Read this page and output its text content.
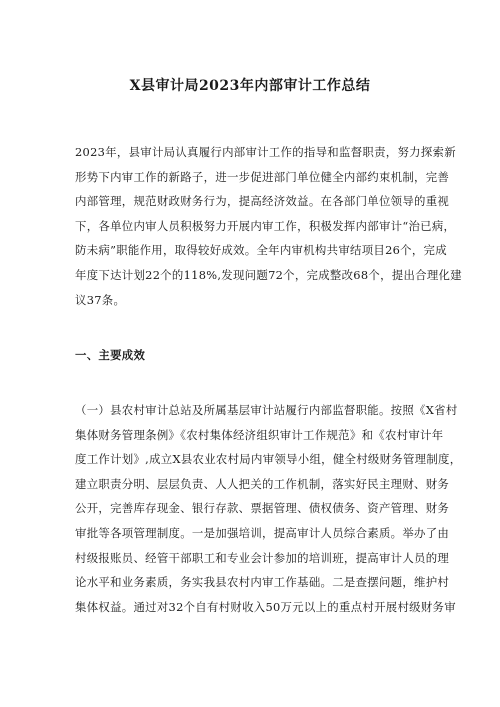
X县审计局2023年内部审计工作总结

2023年，县审计局认真履行内部审计工作的指导和监督职责，努力探索新
形势下内审工作的新路子，进一步促进部门单位健全内部约束机制，完善
内部管理，规范财政财务行为，提高经济效益。在各部门单位领导的重视
下，各单位内审人员积极努力开展内审工作，积极发挥内部审计“治已病，
防未病”职能作用，取得较好成效。全年内审机构共审结项目26个，完成
年度下达计划22个的118%,发现问题72个，完成整改68个，提出合理化建
议37条。

一、主要成效

（一）县农村审计总站及所属基层审计站履行内部监督职能。按照《X省村
集体财务管理条例》《农村集体经济组织审计工作规范》和《农村审计年
度工作计划》,成立X县农业农村局内审领导小组，健全村级财务管理制度，
建立职责分明、层层负责、人人把关的工作机制，落实好民主理财、财务
公开，完善库存现金、银行存款、票据管理、债权债务、资产管理、财务
审批等各项管理制度。一是加强培训，提高审计人员综合素质。举办了由
村级报账员、经管干部职工和专业会计参加的培训班，提高审计人员的理
论水平和业务素质，务实我县农村内审工作基础。二是查摆问题，维护村
集体权益。通过对32个自有村财收入50万元以上的重点村开展村级财务审
